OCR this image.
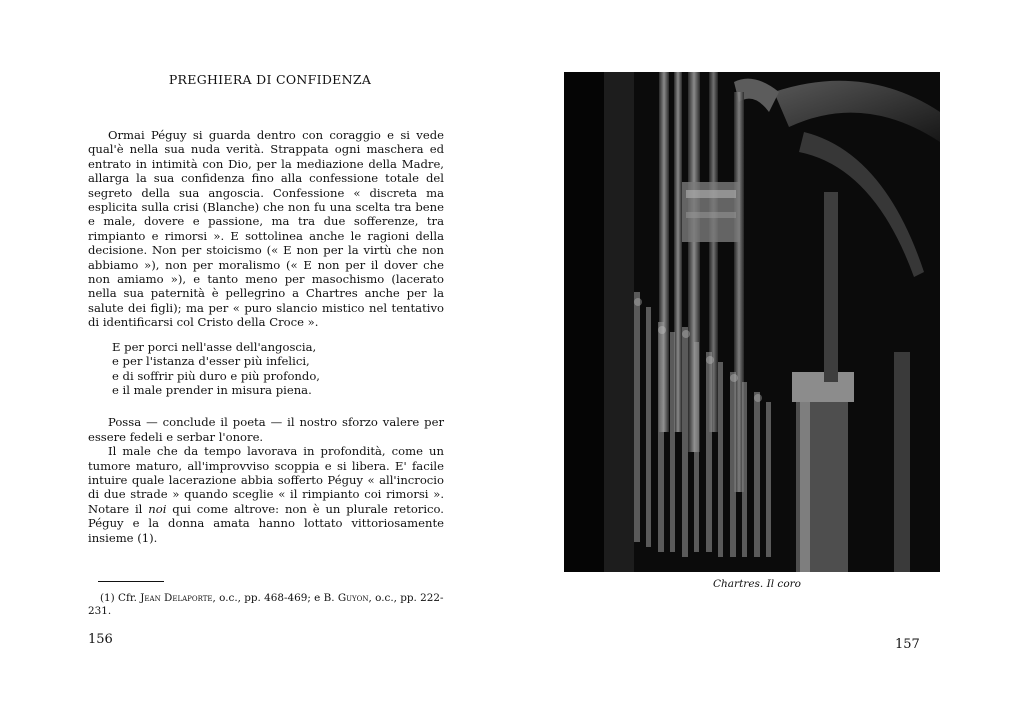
PREGHIERA DI CONFIDENZA

Ormai Péguy si guarda dentro con coraggio e si vede qual'è nella sua nuda verità. Strappata ogni maschera ed entrato in intimità con Dio, per la mediazione della Madre, allarga la sua confidenza fino alla confessione totale del segreto della sua angoscia. Confessione « discreta ma esplicita sulla crisi (Blanche) che non fu una scelta tra bene e male, dovere e passione, ma tra due sofferenze, tra rimpianto e rimorsi ». E sottolinea anche le ragioni della decisione. Non per stoicismo (« E non per la virtù che non abbiamo »), non per moralismo (« E non per il dover che non amiamo »), e tanto meno per masochismo (lacerato nella sua paternità è pellegrino a Chartres anche per la salute dei figli); ma per « puro slancio mistico nel tentativo di identificarsi col Cristo della Croce ».

E per porci nell'asse dell'angoscia,
e per l'istanza d'esser più infelici,
e di soffrir più duro e più profondo,
e il male prender in misura piena.

Possa — conclude il poeta — il nostro sforzo valere per essere fedeli e serbar l'onore.

Il male che da tempo lavorava in profondità, come un tumore maturo, all'improvviso scoppia e si libera. E' facile intuire quale lacerazione abbia sofferto Péguy « all'incrocio di due strade » quando sceglie « il rimpianto coi rimorsi ». Notare il noi qui come altrove: non è un plurale retorico. Péguy e la donna amata hanno lottato vittoriosamente insieme (1).

(1) Cfr. Jean Delaporte, o.c., pp. 468-469; e B. Guyon, o.c., pp. 222-231.
156
Chartres. Il coro
157
